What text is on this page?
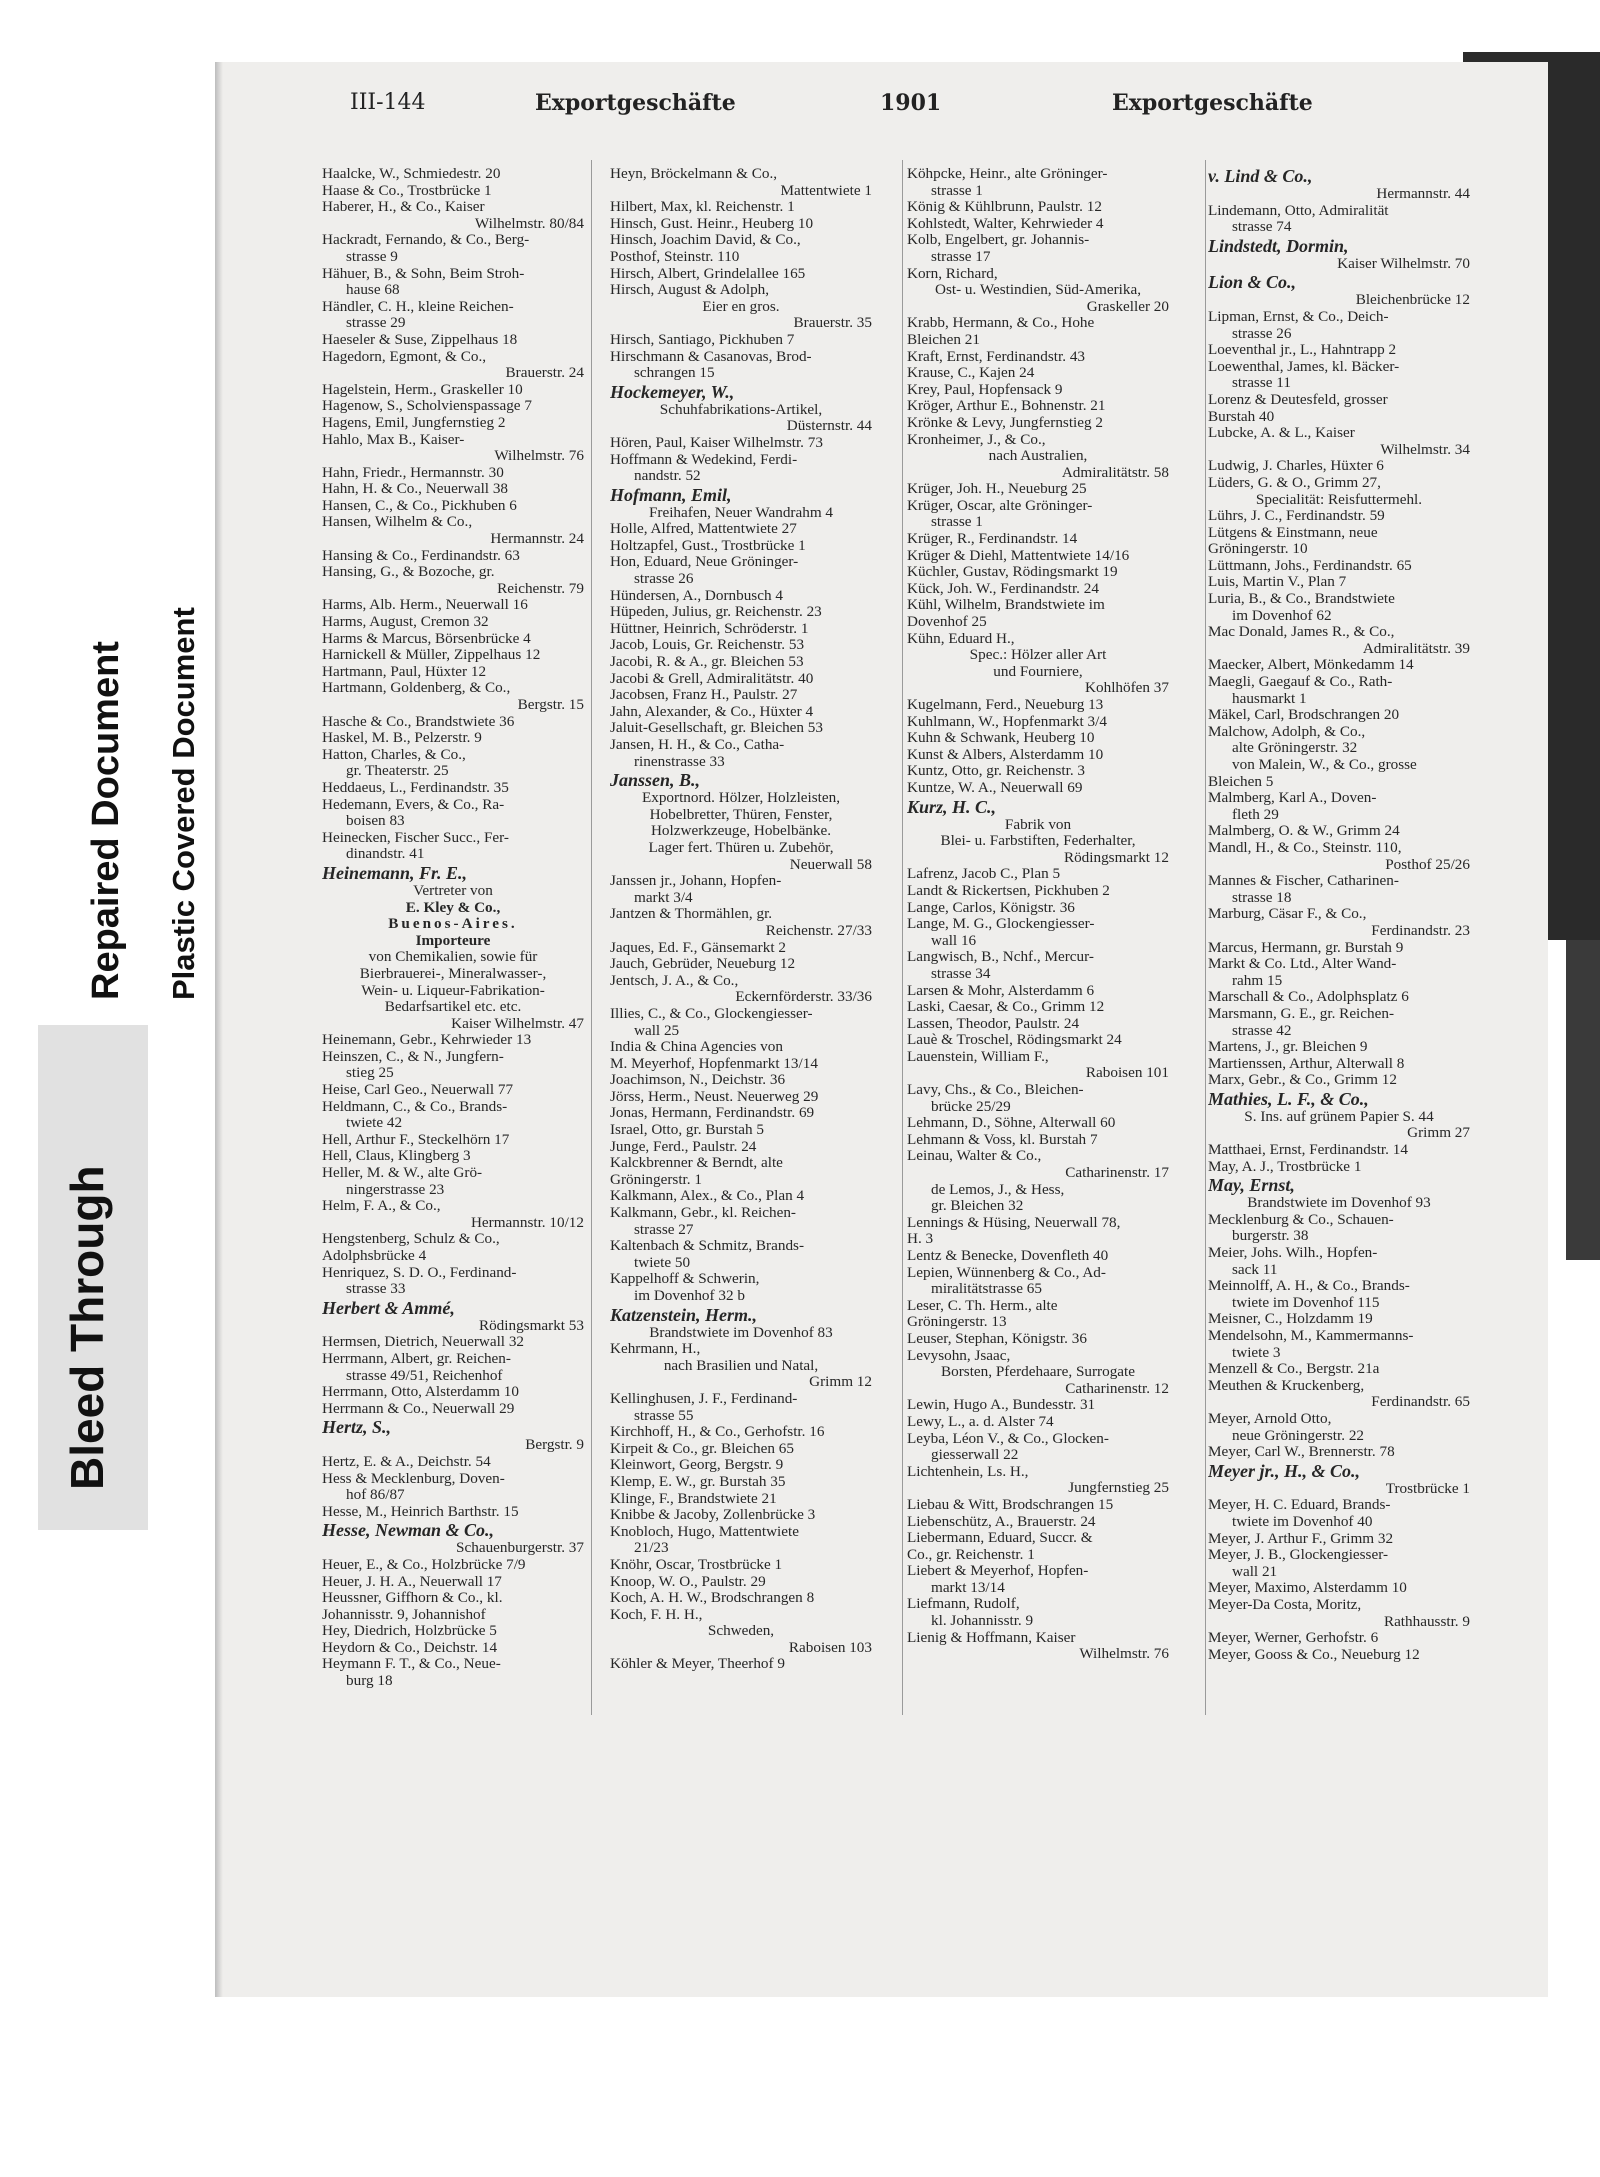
III-144	Exportgeschäfte	1901	Exportgeschäfte
Haalcke, W., Schmiedestr. 20
Haase & Co., Trostbrücke 1
Haberer, H., & Co., Kaiser
Wilhelmstr. 80/84
Hackradt, Fernando, & Co., Berg-
strasse 9
Hähuer, B., & Sohn, Beim Stroh-
hause 68
Händler, C. H., kleine Reichen-
strasse 29
Haeseler & Suse, Zippelhaus 18
Hagedorn, Egmont, & Co.,
Brauerstr. 24
Hagelstein, Herm., Graskeller 10
Hagenow, S., Scholvienspassage 7
Hagens, Emil, Jungfernstieg 2
Hahlo, Max B., Kaiser-
Wilhelmstr. 76
Hahn, Friedr., Hermannstr. 30
Hahn, H. & Co., Neuerwall 38
Hansen, C., & Co., Pickhuben 6
Hansen, Wilhelm & Co.,
Hermannstr. 24
Hansing & Co., Ferdinandstr. 63
Hansing, G., & Bozoche, gr.
Reichenstr. 79
Harms, Alb. Herm., Neuerwall 16
Harms, August, Cremon 32
Harms & Marcus, Börsenbrücke 4
Harnickell & Müller, Zippelhaus 12
Hartmann, Paul, Hüxter 12
Hartmann, Goldenberg, & Co.,
Bergstr. 15
Hasche & Co., Brandstwiete 36
Haskel, M. B., Pelzerstr. 9
Hatton, Charles, & Co.,
gr. Theaterstr. 25
Heddaeus, L., Ferdinandstr. 35
Hedemann, Evers, & Co., Ra-
boisen 83
Heinecken, Fischer Succ., Fer-
dinandstr. 41
Heinemann, Fr. E.,
Vertreter von
E. Kley & Co.,
Buenos-Aires.
Importeure
von Chemikalien, sowie für
Bierbrauerei-, Mineralwasser-,
Wein- u. Liqueur-Fabrikation-
Bedarfsartikel etc. etc.
Kaiser Wilhelmstr. 47
Heinemann, Gebr., Kehrwieder 13
Heinszen, C., & N., Jungfern-
stieg 25
Heise, Carl Geo., Neuerwall 77
Heldmann, C., & Co., Brands-
twiete 42
Hell, Arthur F., Steckelhörn 17
Hell, Claus, Klingberg 3
Heller, M. & W., alte Grö-
ningerstrasse 23
Helm, F. A., & Co.,
Hermannstr. 10/12
Hengstenberg, Schulz & Co.,
Adolphsbrücke 4
Henriquez, S. D. O., Ferdinand-
strasse 33
Herbert & Ammé,
Rödingsmarkt 53
Hermsen, Dietrich, Neuerwall 32
Herrmann, Albert, gr. Reichen-
strasse 49/51, Reichenhof
Herrmann, Otto, Alsterdamm 10
Herrmann & Co., Neuerwall 29
Hertz, S.,
Bergstr. 9
Hertz, E. & A., Deichstr. 54
Hess & Mecklenburg, Doven-
hof 86/87
Hesse, M., Heinrich Barthstr. 15
Hesse, Newman & Co.,
Schauenburgerstr. 37
Heuer, E., & Co., Holzbrücke 7/9
Heuer, J. H. A., Neuerwall 17
Heussner, Giffhorn & Co., kl.
Johannisstr. 9, Johannishof
Hey, Diedrich, Holzbrücke 5
Heydorn & Co., Deichstr. 14
Heymann F. T., & Co., Neue-
burg 18
Heyn, Bröckelmann & Co.,
Mattentwiete 1
Hilbert, Max, kl. Reichenstr. 1
Hinsch, Gust. Heinr., Heuberg 10
Hinsch, Joachim David, & Co.,
Posthof, Steinstr. 110
Hirsch, Albert, Grindelallee 165
Hirsch, August & Adolph,
Eier en gros.
Brauerstr. 35
Hirsch, Santiago, Pickhuben 7
Hirschmann & Casanovas, Brod-
schrangen 15
Hockemeyer, W.,
Schuhfabrikations-Artikel,
Düsternstr. 44
Hören, Paul, Kaiser Wilhelmstr. 73
Hoffmann & Wedekind, Ferdi-
nandstr. 52
Hofmann, Emil,
Freihafen, Neuer Wandrahm 4
Holle, Alfred, Mattentwiete 27
Holtzapfel, Gust., Trostbrücke 1
Hon, Eduard, Neue Gröninger-
strasse 26
Hündersen, A., Dornbusch 4
Hüpeden, Julius, gr. Reichenstr. 23
Hüttner, Heinrich, Schröderstr. 1
Jacob, Louis, Gr. Reichenstr. 53
Jacobi, R. & A., gr. Bleichen 53
Jacobi & Grell, Admiralitätstr. 40
Jacobsen, Franz H., Paulstr. 27
Jahn, Alexander, & Co., Hüxter 4
Jaluit-Gesellschaft, gr. Bleichen 53
Jansen, H. H., & Co., Catha-
rinenstrasse 33
Janssen, B.,
Exportnord. Hölzer, Holzleisten,
Hobelbretter, Thüren, Fenster,
Holzwerkzeuge, Hobelbänke.
Lager fert. Thüren u. Zubehör,
Neuerwall 58
Janssen jr., Johann, Hopfen-
markt 3/4
Jantzen & Thormählen, gr.
Reichenstr. 27/33
Jaques, Ed. F., Gänsemarkt 2
Jauch, Gebrüder, Neueburg 12
Jentsch, J. A., & Co.,
Eckernförderstr. 33/36
Illies, C., & Co., Glockengiesser-
wall 25
India & China Agencies von
M. Meyerhof, Hopfenmarkt 13/14
Joachimson, N., Deichstr. 36
Jörss, Herm., Neust. Neuerweg 29
Jonas, Hermann, Ferdinandstr. 69
Israel, Otto, gr. Burstah 5
Junge, Ferd., Paulstr. 24
Kalckbrenner & Berndt, alte
Gröningerstr. 1
Kalkmann, Alex., & Co., Plan 4
Kalkmann, Gebr., kl. Reichen-
strasse 27
Kaltenbach & Schmitz, Brands-
twiete 50
Kappelhoff & Schwerin,
im Dovenhof 32 b
Katzenstein, Herm.,
Brandstwiete im Dovenhof 83
Kehrmann, H.,
nach Brasilien und Natal,
Grimm 12
Kellinghusen, J. F., Ferdinand-
strasse 55
Kirchhoff, H., & Co., Gerhofstr. 16
Kirpeit & Co., gr. Bleichen 65
Kleinwort, Georg, Bergstr. 9
Klemp, E. W., gr. Burstah 35
Klinge, F., Brandstwiete 21
Knibbe & Jacoby, Zollenbrücke 3
Knobloch, Hugo, Mattentwiete
21/23
Knöhr, Oscar, Trostbrücke 1
Knoop, W. O., Paulstr. 29
Koch, A. H. W., Brodschrangen 8
Koch, F. H. H.,
Schweden,
Raboisen 103
Köhler & Meyer, Theerhof 9
Köhpcke, Heinr., alte Gröninger-
strasse 1
König & Kühlbrunn, Paulstr. 12
Kohlstedt, Walter, Kehrwieder 4
Kolb, Engelbert, gr. Johannis-
strasse 17
Korn, Richard,
Ost- u. Westindien, Süd-Amerika,
Graskeller 20
Krabb, Hermann, & Co., Hohe
Bleichen 21
Kraft, Ernst, Ferdinandstr. 43
Krause, C., Kajen 24
Krey, Paul, Hopfensack 9
Kröger, Arthur E., Bohnenstr. 21
Krönke & Levy, Jungfernstieg 2
Kronheimer, J., & Co.,
nach Australien,
Admiralitätstr. 58
Krüger, Joh. H., Neueburg 25
Krüger, Oscar, alte Gröninger-
strasse 1
Krüger, R., Ferdinandstr. 14
Krüger & Diehl, Mattentwiete 14/16
Küchler, Gustav, Rödingsmarkt 19
Kück, Joh. W., Ferdinandstr. 24
Kühl, Wilhelm, Brandstwiete im
Dovenhof 25
Kühn, Eduard H.,
Spec.: Hölzer aller Art
und Fourniere,
Kohlhöfen 37
Kugelmann, Ferd., Neueburg 13
Kuhlmann, W., Hopfenmarkt 3/4
Kuhn & Schwank, Heuberg 10
Kunst & Albers, Alsterdamm 10
Kuntz, Otto, gr. Reichenstr. 3
Kuntze, W. A., Neuerwall 69
Kurz, H. C.,
Fabrik von
Blei- u. Farbstiften, Federhalter,
Rödingsmarkt 12
Lafrenz, Jacob C., Plan 5
Landt & Rickertsen, Pickhuben 2
Lange, Carlos, Königstr. 36
Lange, M. G., Glockengiesser-
wall 16
Langwisch, B., Nchf., Mercur-
strasse 34
Larsen & Mohr, Alsterdamm 6
Laski, Caesar, & Co., Grimm 12
Lassen, Theodor, Paulstr. 24
Lauè & Troschel, Rödingsmarkt 24
Lauenstein, William F.,
Raboisen 101
Lavy, Chs., & Co., Bleichen-
brücke 25/29
Lehmann, D., Söhne, Alterwall 60
Lehmann & Voss, kl. Burstah 7
Leinau, Walter & Co.,
Catharinenstr. 17
de Lemos, J., & Hess,
gr. Bleichen 32
Lennings & Hüsing, Neuerwall 78,
H. 3
Lentz & Benecke, Dovenfleth 40
Lepien, Wünnenberg & Co., Ad-
miralitätstrasse 65
Leser, C. Th. Herm., alte
Gröningerstr. 13
Leuser, Stephan, Königstr. 36
Levysohn, Jsaac,
Borsten, Pferdehaare, Surrogate
Catharinenstr. 12
Lewin, Hugo A., Bundesstr. 31
Lewy, L., a. d. Alster 74
Leyba, Léon V., & Co., Glocken-
giesserwall 22
Lichtenhein, Ls. H.,
Jungfernstieg 25
Liebau & Witt, Brodschrangen 15
Liebenschütz, A., Brauerstr. 24
Liebermann, Eduard, Succr. &
Co., gr. Reichenstr. 1
Liebert & Meyerhof, Hopfen-
markt 13/14
Liefmann, Rudolf,
kl. Johannisstr. 9
Lienig & Hoffmann, Kaiser
Wilhelmstr. 76
v. Lind & Co.,
Hermannstr. 44
Lindemann, Otto, Admiralität
strasse 74
Lindstedt, Dormin,
Kaiser Wilhelmstr. 70
Lion & Co.,
Bleichenbrücke 12
Lipman, Ernst, & Co., Deich-
strasse 26
Loeventhal jr., L., Hahntrapp 2
Loewenthal, James, kl. Bäcker-
strasse 11
Lorenz & Deutesfeld, grosser
Burstah 40
Lubcke, A. & L., Kaiser
Wilhelmstr. 34
Ludwig, J. Charles, Hüxter 6
Lüders, G. & O., Grimm 27,
Specialität: Reisfuttermehl.
Lührs, J. C., Ferdinandstr. 59
Lütgens & Einstmann, neue
Gröningerstr. 10
Lüttmann, Johs., Ferdinandstr. 65
Luis, Martin V., Plan 7
Luria, B., & Co., Brandstwiete
im Dovenhof 62
Mac Donald, James R., & Co.,
Admiralitätstr. 39
Maecker, Albert, Mönkedamm 14
Maegli, Gaegauf & Co., Rath-
hausmarkt 1
Mäkel, Carl, Brodschrangen 20
Malchow, Adolph, & Co.,
alte Gröningerstr. 32
von Malein, W., & Co., grosse
Bleichen 5
Malmberg, Karl A., Doven-
fleth 29
Malmberg, O. & W., Grimm 24
Mandl, H., & Co., Steinstr. 110,
Posthof 25/26
Mannes & Fischer, Catharinen-
strasse 18
Marburg, Cäsar F., & Co.,
Ferdinandstr. 23
Marcus, Hermann, gr. Burstah 9
Markt & Co. Ltd., Alter Wand-
rahm 15
Marschall & Co., Adolphsplatz 6
Marsmann, G. E., gr. Reichen-
strasse 42
Martens, J., gr. Bleichen 9
Martienssen, Arthur, Alterwall 8
Marx, Gebr., & Co., Grimm 12
Mathies, L. F., & Co.,
S. Ins. auf grünem Papier S. 44
Grimm 27
Matthaei, Ernst, Ferdinandstr. 14
May, A. J., Trostbrücke 1
May, Ernst,
Brandstwiete im Dovenhof 93
Mecklenburg & Co., Schauen-
burgerstr. 38
Meier, Johs. Wilh., Hopfen-
sack 11
Meinnolff, A. H., & Co., Brands-
twiete im Dovenhof 115
Meisner, C., Holzdamm 19
Mendelsohn, M., Kammermanns-
twiete 3
Menzell & Co., Bergstr. 21a
Meuthen & Kruckenberg,
Ferdinandstr. 65
Meyer, Arnold Otto,
neue Gröningerstr. 22
Meyer, Carl W., Brennerstr. 78
Meyer jr., H., & Co.,
Trostbrücke 1
Meyer, H. C. Eduard, Brands-
twiete im Dovenhof 40
Meyer, J. Arthur F., Grimm 32
Meyer, J. B., Glockengiesser-
wall 21
Meyer, Maximo, Alsterdamm 10
Meyer-Da Costa, Moritz,
Rathhausstr. 9
Meyer, Werner, Gerhofstr. 6
Meyer, Gooss & Co., Neueburg 12
Bleed Through
Repaired Document Plastic Covered Document
